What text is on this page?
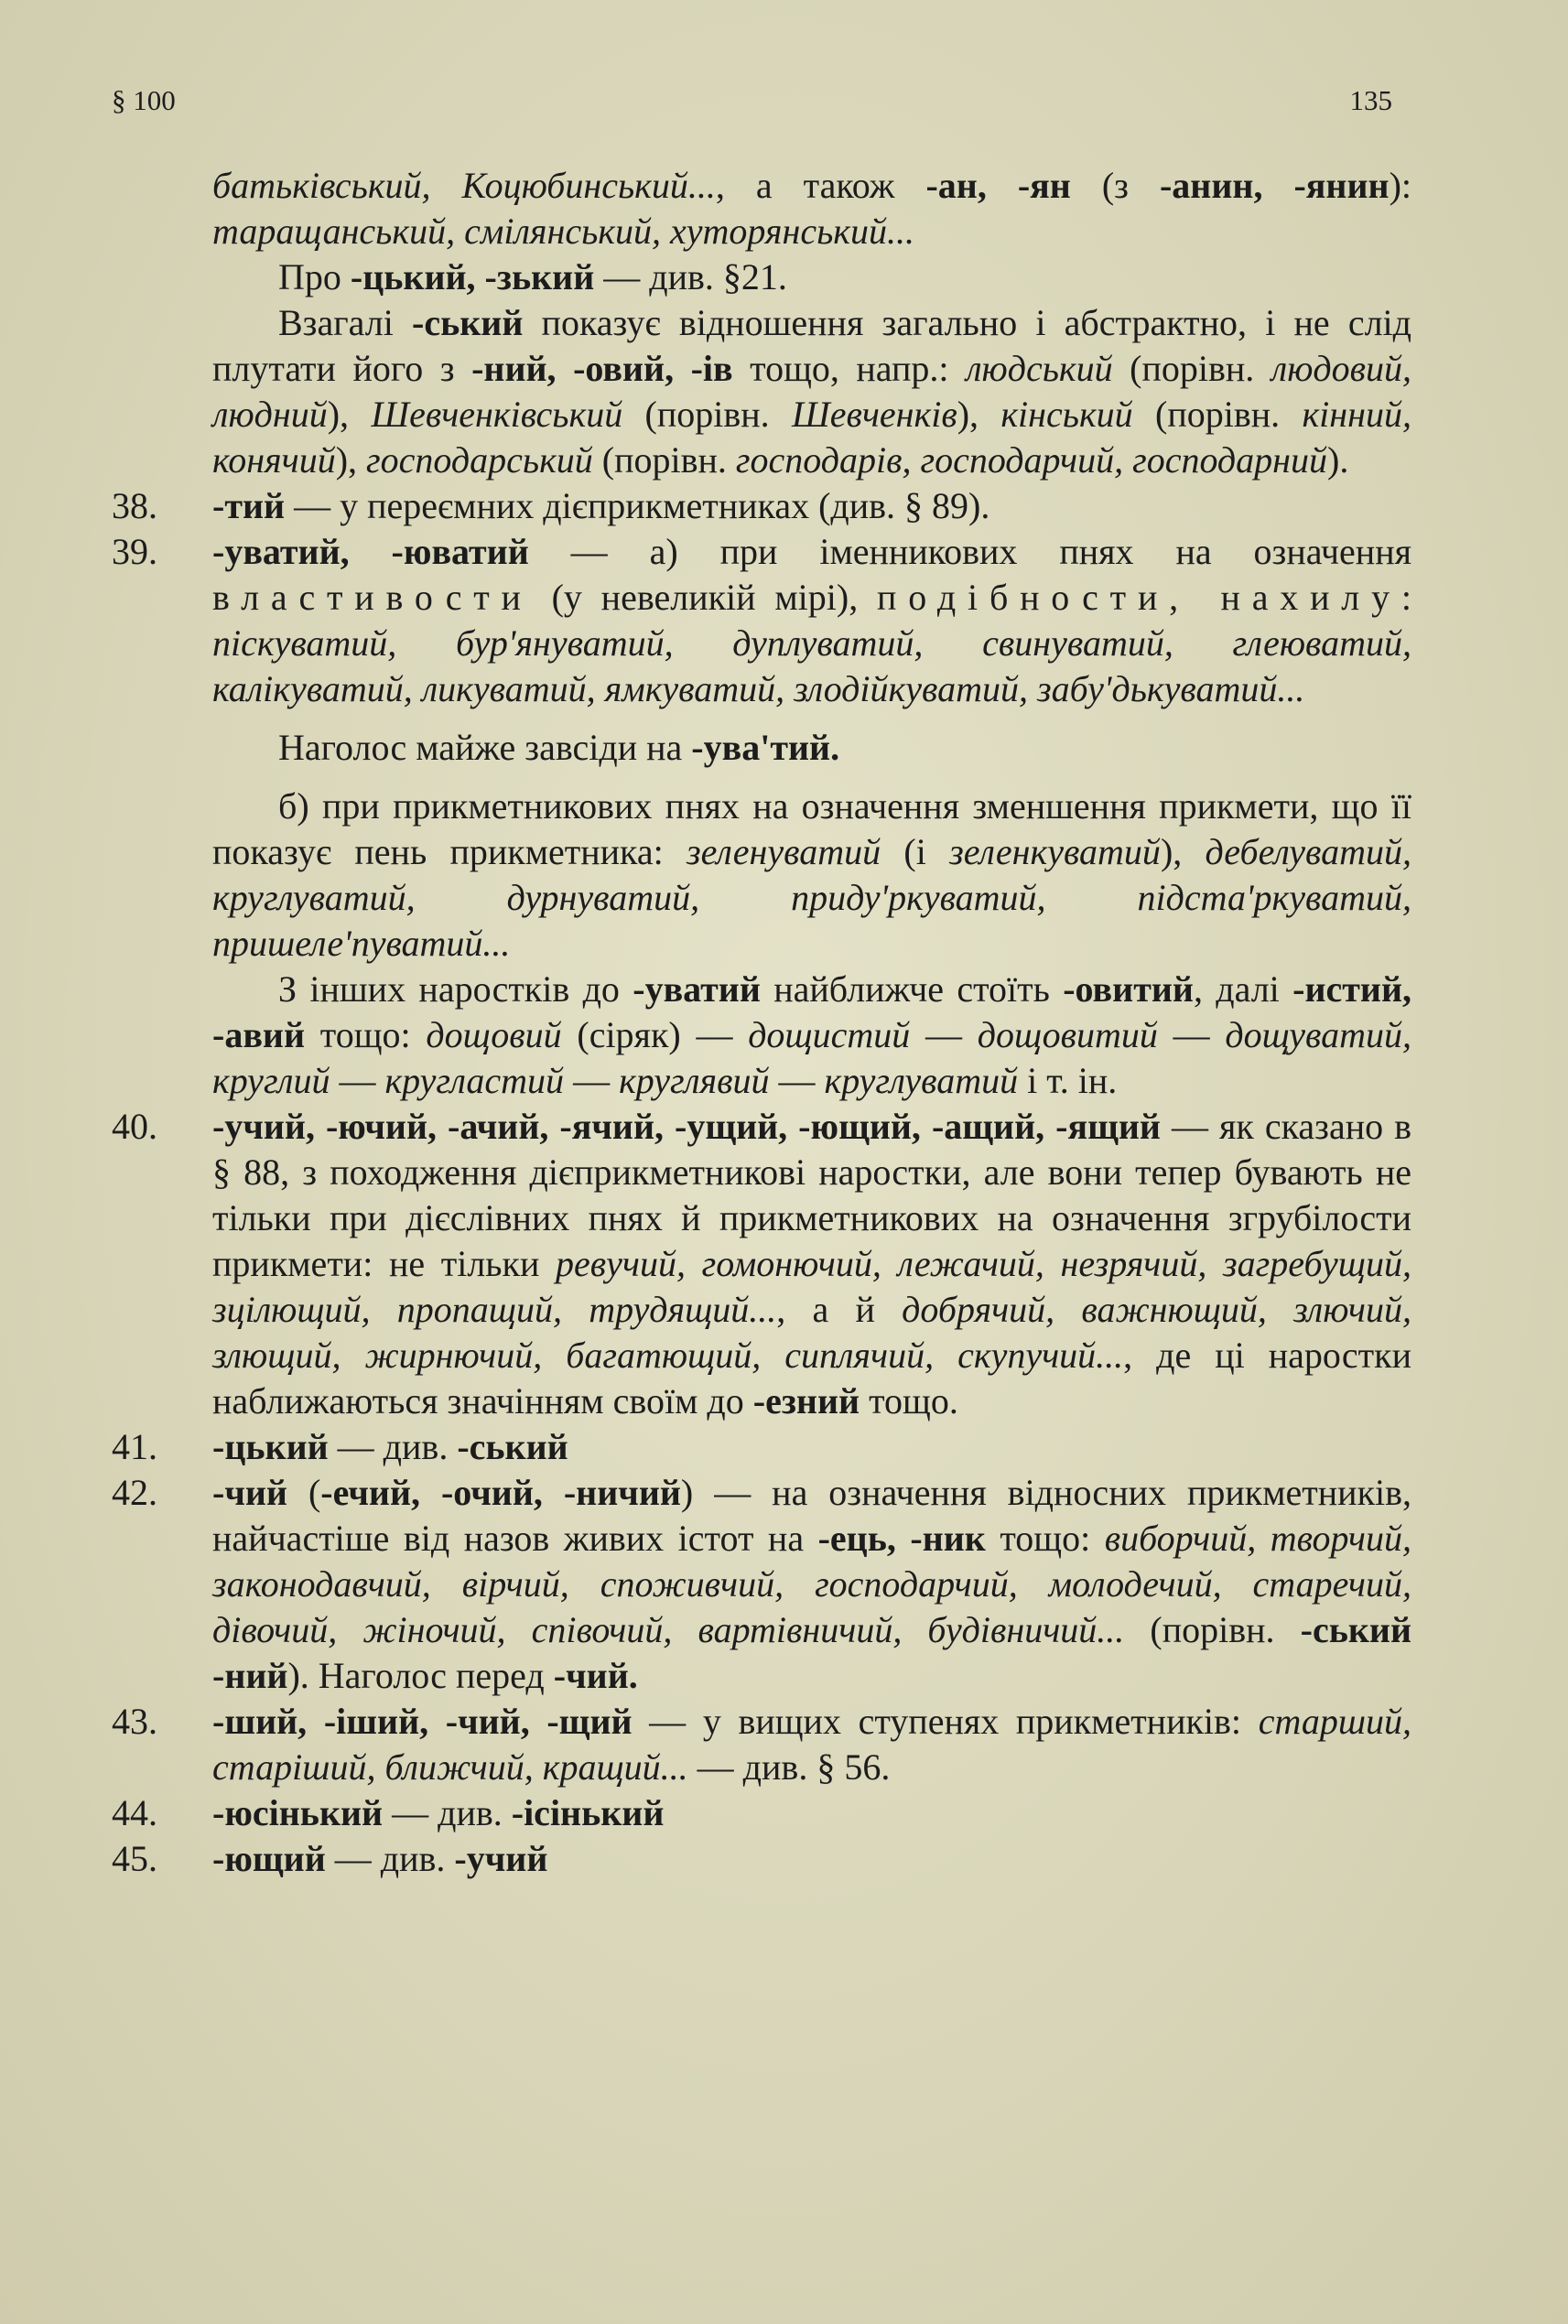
§ 100	135

батьківський, Коцюбинський..., а також -ан, -ян (з -анин, -янин): таращанський, смілянський, хуторянський...

Про -цький, -зький — див. §21.

Взагалі -ський показує відношення загально і абстрактно, і не слід плутати його з -ний, -овий, -ів тощо, напр.: людський (порівн. людовий, людний), Шевченківський (порівн. Шевченків), кінський (порівн. кінний, конячий), господарський (порівн. господарів, господарчий, господарний).

38.	-тий — у переємних дієприкметниках (див. § 89).
39.	-уватий, -юватий — а) при іменникових пнях на означення властивости (у невеликій мірі), подібности, нахилу: піскуватий, бур'януватий, дуплуватий, свинуватий, глеюватий, калікуватий, ликуватий, ямкуватий, злодійкуватий, забу'дькуватий...

Наголос майже завсіди на -ува'тий.

б) при прикметникових пнях на означення зменшення прикмети, що її показує пень прикметника: зеленуватий (і зеленкуватий), дебелуватий, круглуватий, дурнуватий, приду'ркуватий, підста'ркуватий, пришеле'пуватий...

З інших наростків до -уватий найближче стоїть -овитий, далі -истий, -авий тощо: дощовий (сіряк) — дощистий — дощовитий — дощуватий, круглий — кругластий — круглявий — круглуватий і т. ін.

40.	-учий, -ючий, -ачий, -ячий, -ущий, -ющий, -ащий, -ящий — як сказано в § 88, з походження дієприкметникові наростки, але вони тепер бувають не тільки при дієслівних пнях й прикметникових на означення згрубілости прикмети: не тільки ревучий, гомонючий, лежачий, незрячий, загребущий, зцілющий, пропащий, трудящий..., а й добрячий, важнющий, злючий, злющий, жирнючий, багатющий, сиплячий, скупучий..., де ці наростки наближаються значінням своїм до -езний тощо.
41.	-цький — див. -ський
42.	-чий (-ечий, -очий, -ничий) — на означення відносних прикметників, найчастіше від назов живих істот на -ець, -ник тощо: виборчий, творчий, законодавчий, вірчий, споживчий, господарчий, молодечий, старечий, дівочий, жіночий, співочий, вартівничий, будівничий... (порівн. -ський -ний). Наголос перед -чий.
43.	-ший, -іший, -чий, -щий — у вищих ступенях прикметників: старший, старіший, ближчий, кращий... — див. § 56.
44.	-юсінький — див. -ісінький
45.	-ющий — див. -учий
